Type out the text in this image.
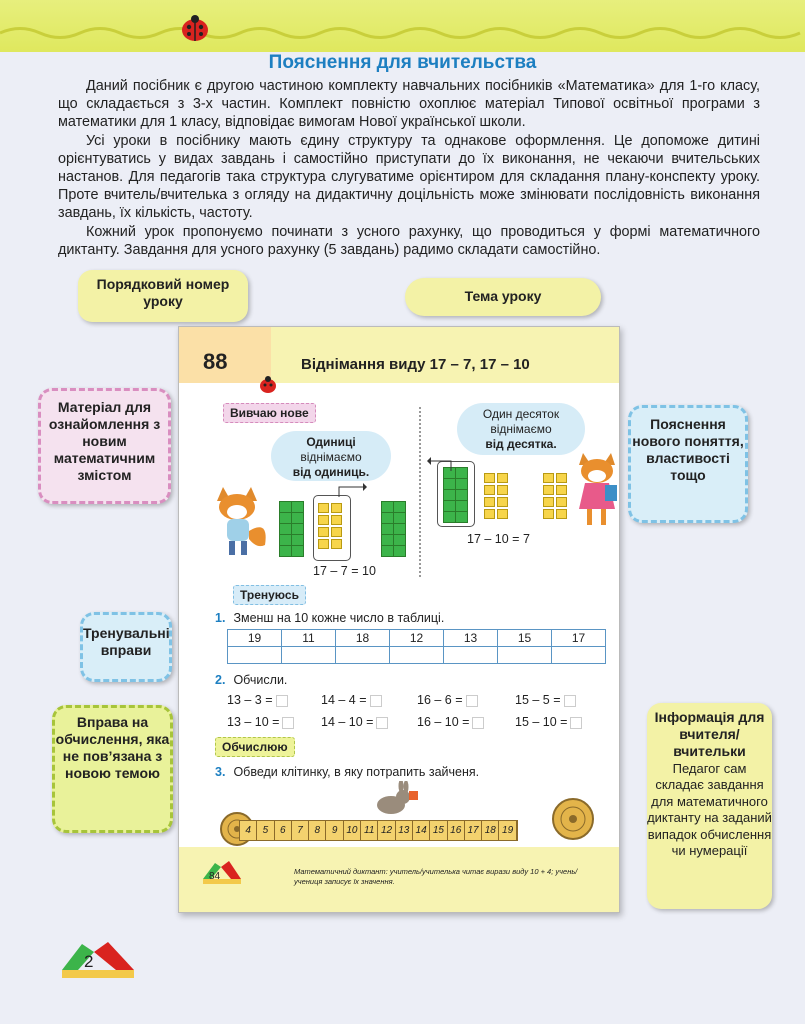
Пояснення для вчительства

Даний посібник є другою частиною комплекту навчальних посібників «Математика» для 1-го класу, що складається з 3-х частин. Комплект повністю охоплює матеріал Типової освітньої програми з математики для 1 класу, відповідає вимогам Нової української школи.

Усі уроки в посібнику мають єдину структуру та однакове оформлення. Це допоможе дитині орієнтуватись у видах завдань і самостійно приступати до їх виконання, не чекаючи вчительських настанов. Для педагогів така структура слугуватиме орієнтиром для складання плану-конспекту уроку. Проте вчитель/вчителька з огляду на дидактичну доцільність може змінювати послідовність виконання завдань, їх кількість, частоту.

Кожний урок пропонуємо починати з усного рахунку, що проводиться у формі математичного диктанту. Завдання для усного рахунку (5 завдань) радимо складати самостійно.

Порядковий номер уроку	Тема уроку
Матеріал для ознайомлення з новим математичним змістом
Пояснення нового поняття, властивості тощо
Тренувальні вправи
Вправа на обчислення, яка не пов’язана з новою темою
Інформація для вчителя/ вчительки
Педагог сам складає завдання для математичного диктанту на заданий випадок обчислення чи нумерації
88	Віднімання виду 17 – 7, 17 – 10
Вивчаю нове
Одиниці
віднімаємо
від одиниць.
Один десяток
віднімаємо
від десятка.
17 – 7 = 10
17 – 10 = 7
Тренуюсь
1. Зменш на 10 кожне число в таблиці.
19	11	18	12	13	15	17

2. Обчисли.
13 – 3 =	14 – 4 =	16 – 6 =	15 – 5 =
13 – 10 =	14 – 10 =	16 – 10 =	15 – 10 =
Обчислюю
3. Обведи клітинку, в яку потрапить зайченя.
4	5	6	7	8	9 10 11 12 13 14 15 16 17 18 19
84	Математичний диктант: учитель/учителька читає вирази виду 10 + 4; учень/учениця записує їх значення.
2
